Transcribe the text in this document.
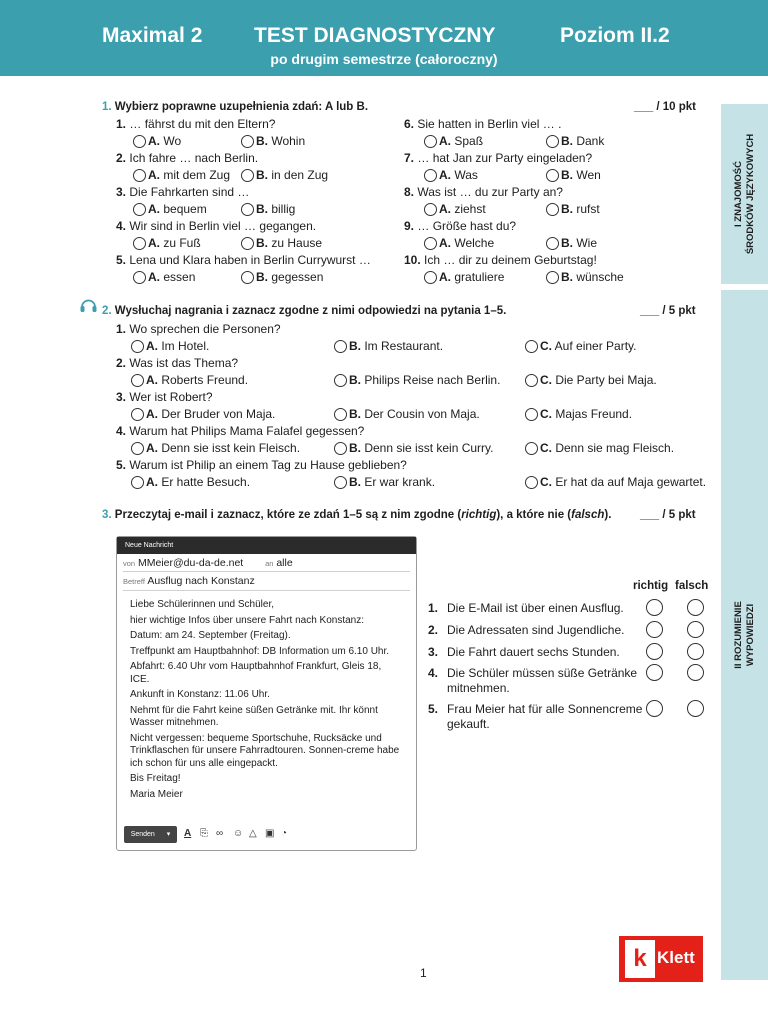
Maximal 2 TEST DIAGNOSTYCZNY	Poziom II.2
po drugim semestrze (całoroczny)
I ZNAJOMOŚĆ
ŚRODKÓW JĘZYKOWYCH
II ROZUMIENIE
WYPOWIEDZI
1. Wybierz poprawne uzupełnienia zdań: A lub B.	___ / 10 pkt
1. … fährst du mit den Eltern?
A. Wo	B. Wohin
2. Ich fahre … nach Berlin.
A. mit dem Zug	B. in den Zug
3. Die Fahrkarten sind …
A. bequem	B. billig
4. Wir sind in Berlin viel … gegangen.
A. zu Fuß	B. zu Hause
5. Lena und Klara haben in Berlin Currywurst …
A. essen	B. gegessen
6. Sie hatten in Berlin viel … .
A. Spaß	B. Dank
7. … hat Jan zur Party eingeladen?
A. Was	B. Wen
8. Was ist … du zur Party an?
A. ziehst	B. rufst
9. … Größe hast du?
A. Welche	B. Wie
10. Ich … dir zu deinem Geburtstag!
A. gratuliere	B. wünsche
2. Wysłuchaj nagrania i zaznacz zgodne z nimi odpowiedzi na pytania 1–5.	___ / 5 pkt
1. Wo sprechen die Personen?
A. Im Hotel.	B. Im Restaurant.	C. Auf einer Party.
2. Was ist das Thema?
A. Roberts Freund.	B. Philips Reise nach Berlin.	C. Die Party bei Maja.
3. Wer ist Robert?
A. Der Bruder von Maja.	B. Der Cousin von Maja.	C. Majas Freund.
4. Warum hat Philips Mama Falafel gegessen?
A. Denn sie isst kein Fleisch.	B. Denn sie isst kein Curry.	C. Denn sie mag Fleisch.
5. Warum ist Philip an einem Tag zu Hause geblieben?
A. Er hatte Besuch.	B. Er war krank.	C. Er hat da auf Maja gewartet.
3. Przeczytaj e-mail i zaznacz, które ze zdań 1–5 są z nim zgodne (richtig), a które nie (falsch). ___ / 5 pkt
Neue Nachricht
von MMeier@du-da-de.net	an alle
Betreff Ausflug nach Konstanz

Liebe Schülerinnen und Schüler,

hier wichtige Infos über unsere Fahrt nach Konstanz:

Datum: am 24. September (Freitag).

Treffpunkt am Hauptbahnhof: DB Information um 6.10 Uhr.

Abfahrt: 6.40 Uhr vom Hauptbahnhof Frankfurt, Gleis 18, ICE.

Ankunft in Konstanz: 11.06 Uhr.

Nehmt für die Fahrt keine süßen Getränke mit. Ihr könnt Wasser mitnehmen.

Nicht vergessen: bequeme Sportschuhe, Rucksäcke und Trinkflaschen für unsere Fahrradtouren. Sonnen-creme habe ich schon für uns alle eingepackt.

Bis Freitag!

Maria Meier

Senden ▾	A ⎘ ∞ ☺ △ ▣ ◔
richtig falsch
1. Die E-Mail ist über einen Ausflug.
2. Die Adressaten sind Jugendliche.
3. Die Fahrt dauert sechs Stunden.
4. Die Schüler müssen süße Getränke
mitnehmen.
5. Frau Meier hat für alle Sonnencreme
gekauft.
1
k Klett
